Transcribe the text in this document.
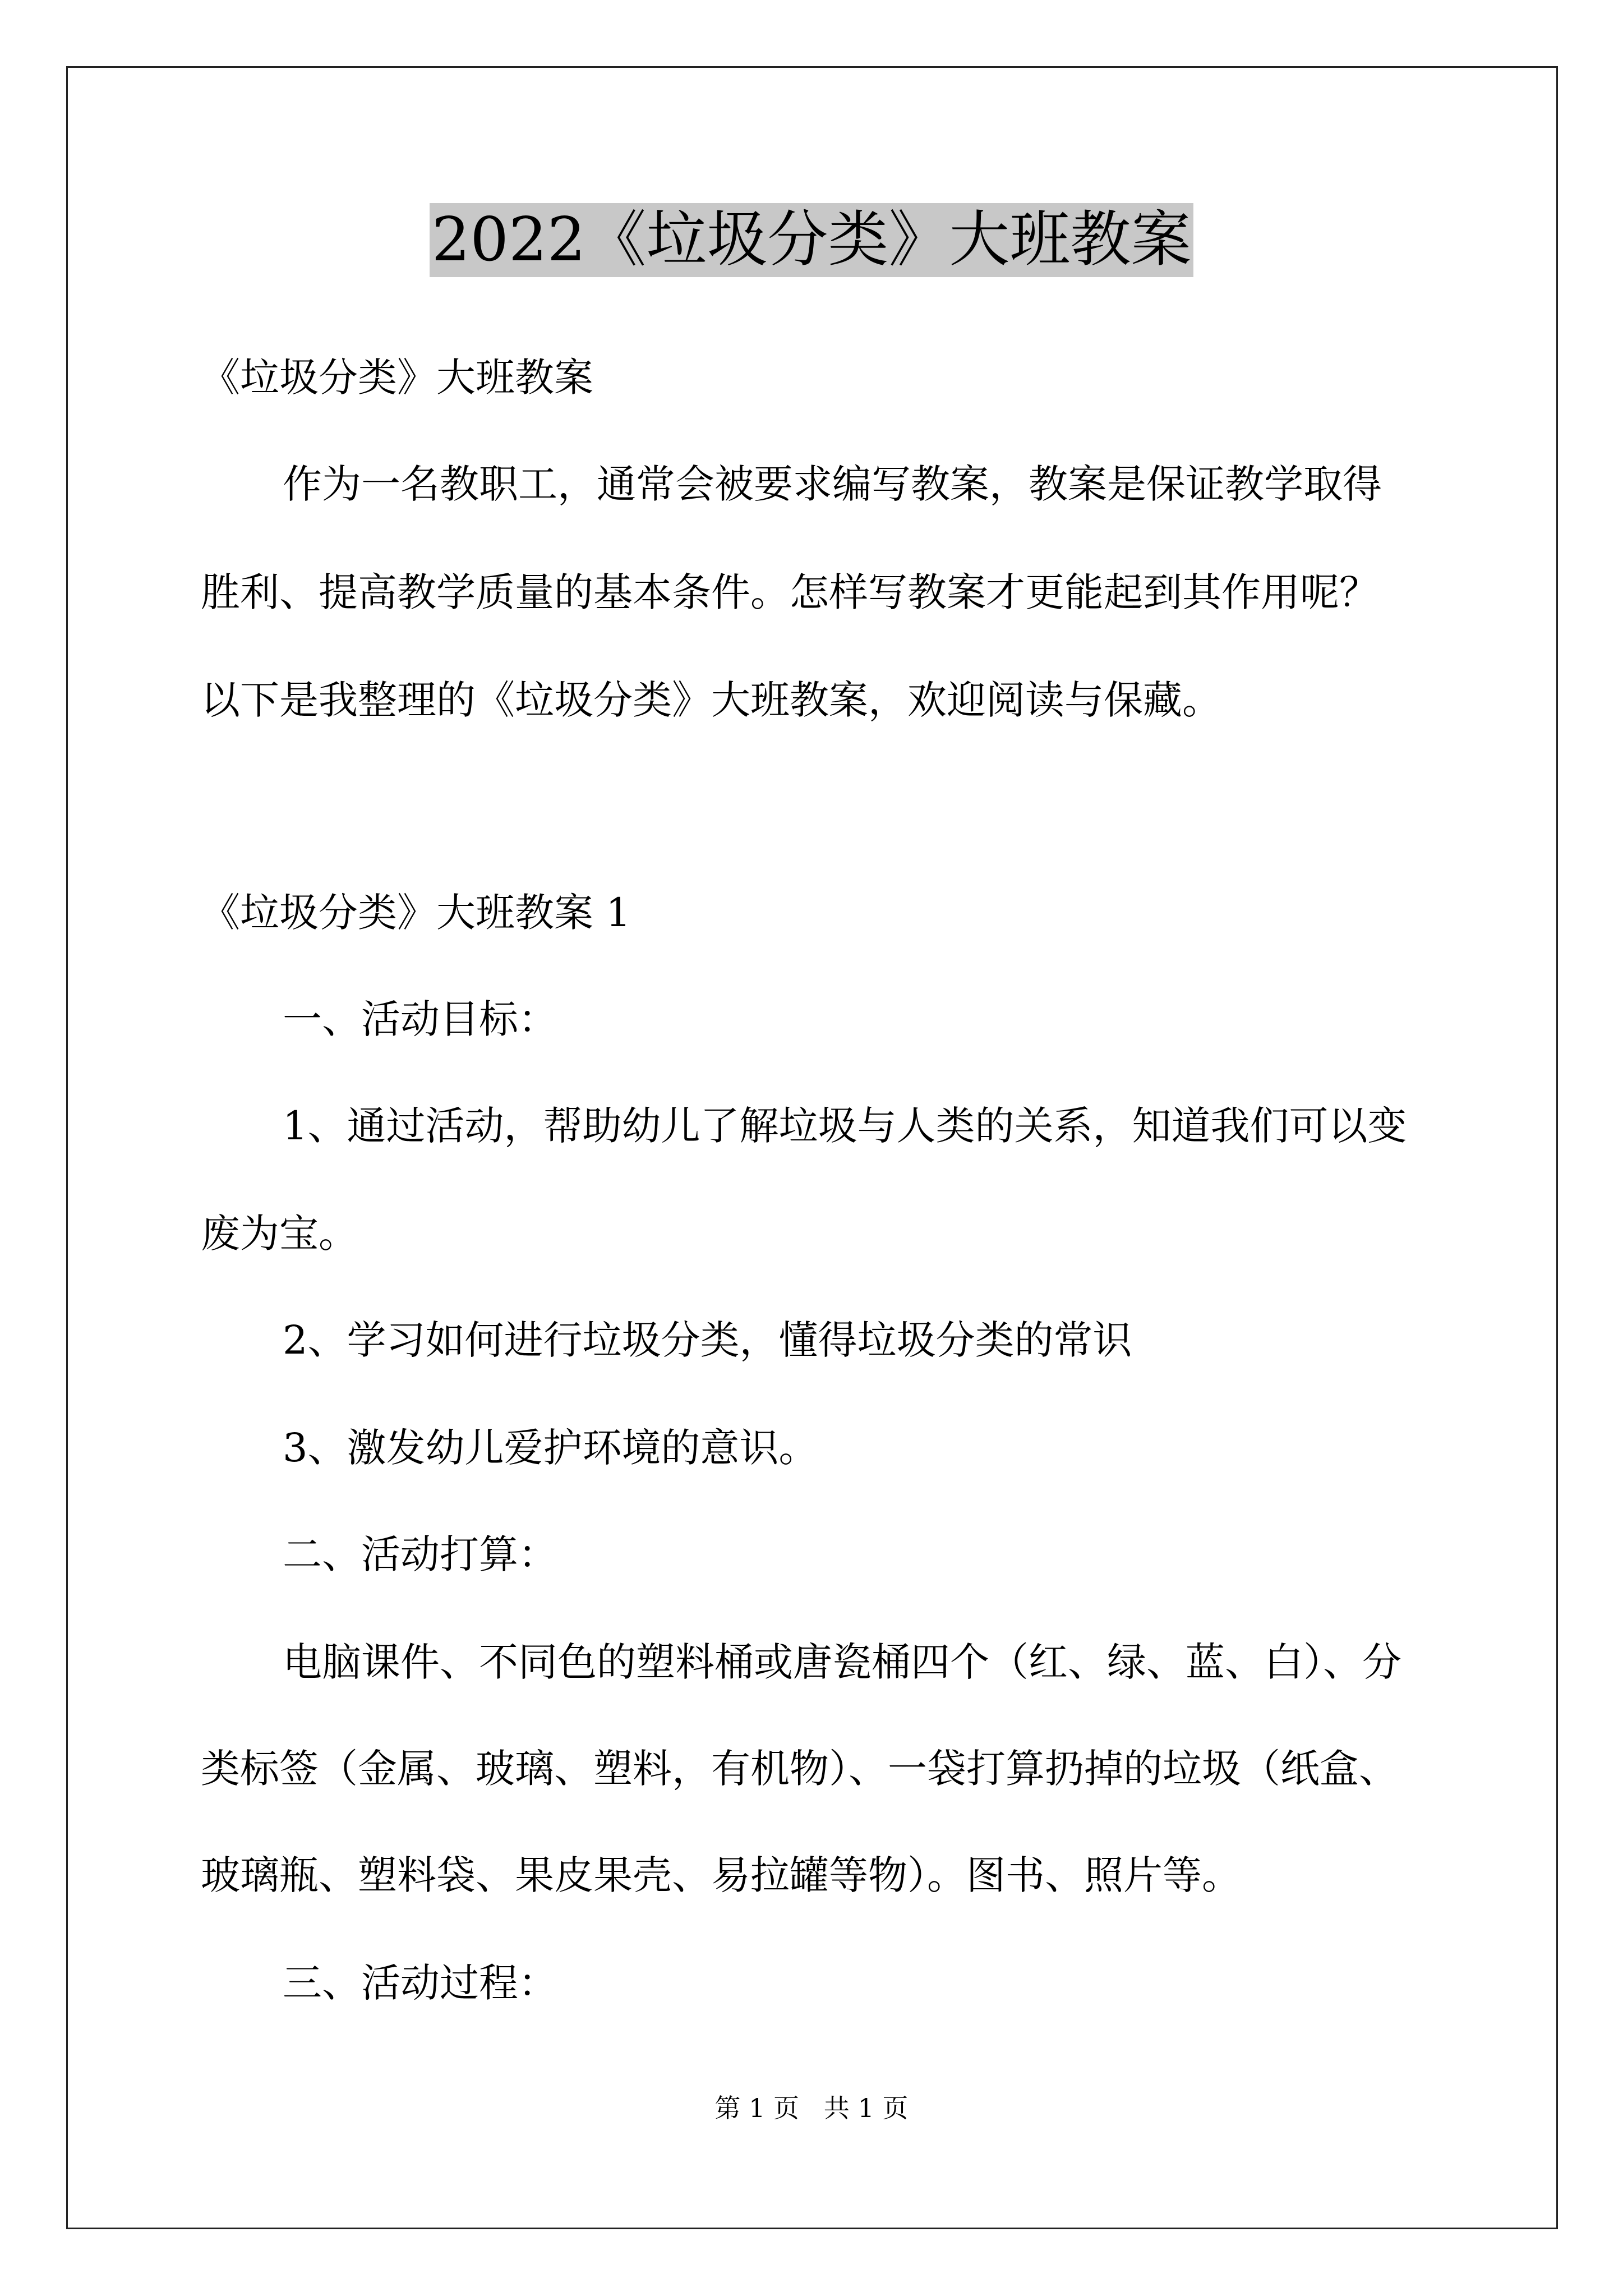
2022《垃圾分类》大班教案
《垃圾分类》大班教案
作为一名教职工，通常会被要求编写教案，教案是保证教学取得
胜利、提高教学质量的基本条件。怎样写教案才更能起到其作用呢？
以下是我整理的《垃圾分类》大班教案，欢迎阅读与保藏。
《垃圾分类》大班教案 1
一、活动目标：
1、通过活动，帮助幼儿了解垃圾与人类的关系，知道我们可以变
废为宝。
2、学习如何进行垃圾分类，懂得垃圾分类的常识
3、激发幼儿爱护环境的意识。
二、活动打算：
电脑课件、不同色的塑料桶或唐瓷桶四个（红、绿、蓝、白）、分
类标签（金属、玻璃、塑料，有机物）、一袋打算扔掉的垃圾（纸盒、
玻璃瓶、塑料袋、果皮果壳、易拉罐等物）。图书、照片等。
三、活动过程：
第 1 页   共 1 页
